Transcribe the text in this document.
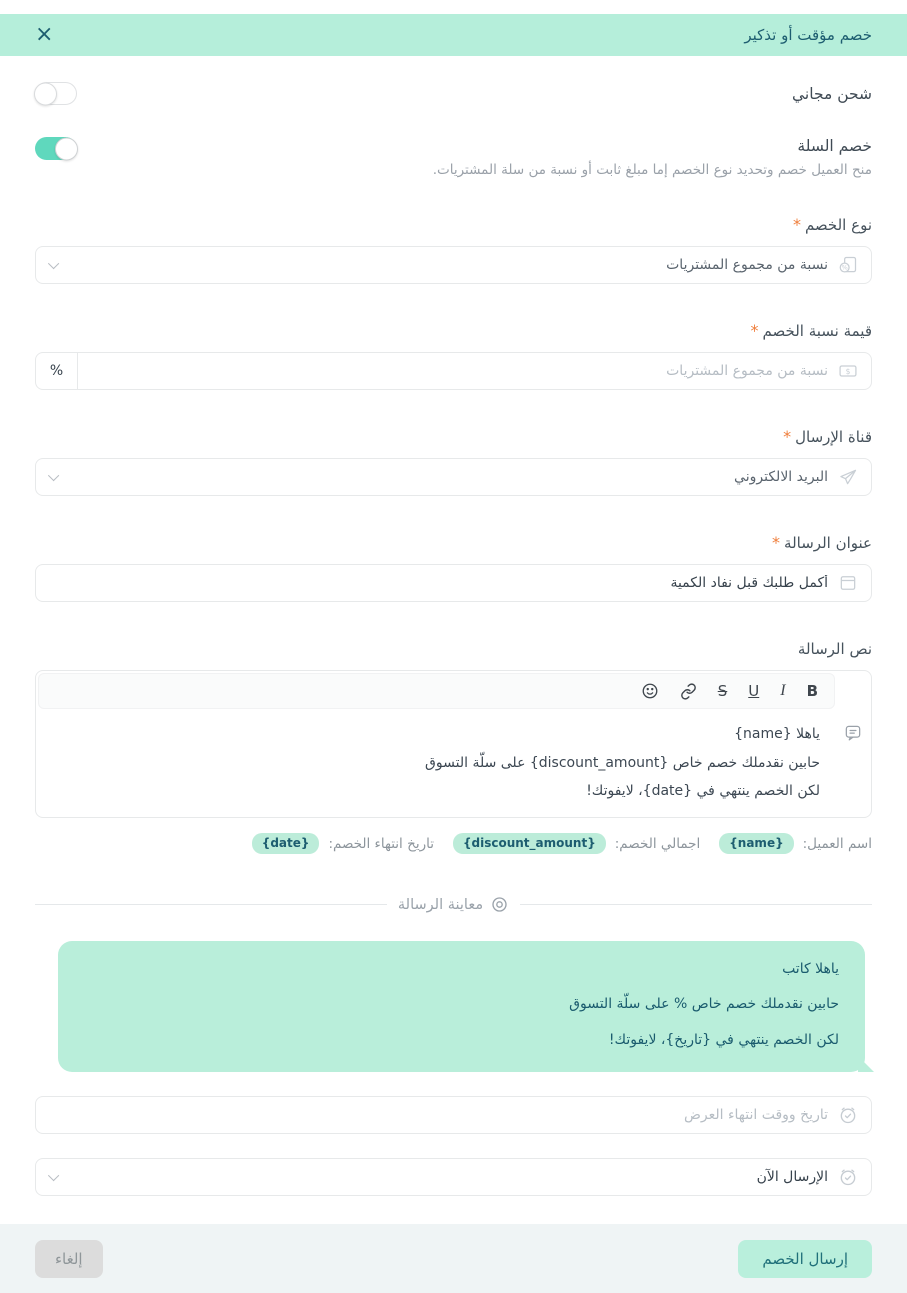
خصم مؤقت أو تذكير
×
شحن مجاني
خصم السلة
منح العميل خصم وتحديد نوع الخصم إما مبلغ ثابت أو نسبة من سلة المشتريات.
نوع الخصم*
%
نسبة من مجموع المشتريات
قيمة نسبة الخصم*
$
نسبة من مجموع المشتريات
%
قناة الإرسال*
البريد الالكتروني
عنوان الرسالة*
أكمل طلبك قبل نفاد الكمية
نص الرسالة
B
I
U
S
ياهلا {name}
حابين نقدملك خصم خاص {discount_amount} على سلّة التسوق
لكن الخصم ينتهي في {date}، لايفوتك!
اسم العميل:
{name}
اجمالي الخصم:
{discount_amount}
تاريخ انتهاء الخصم:
{date}
معاينة الرسالة

ياهلا كاتب

حابين نقدملك خصم خاص % على سلّة التسوق

لكن الخصم ينتهي في {تاريخ}، لايفوتك!

تاريخ ووقت انتهاء العرض
الإرسال الآن
إرسال الخصم
إلغاء
